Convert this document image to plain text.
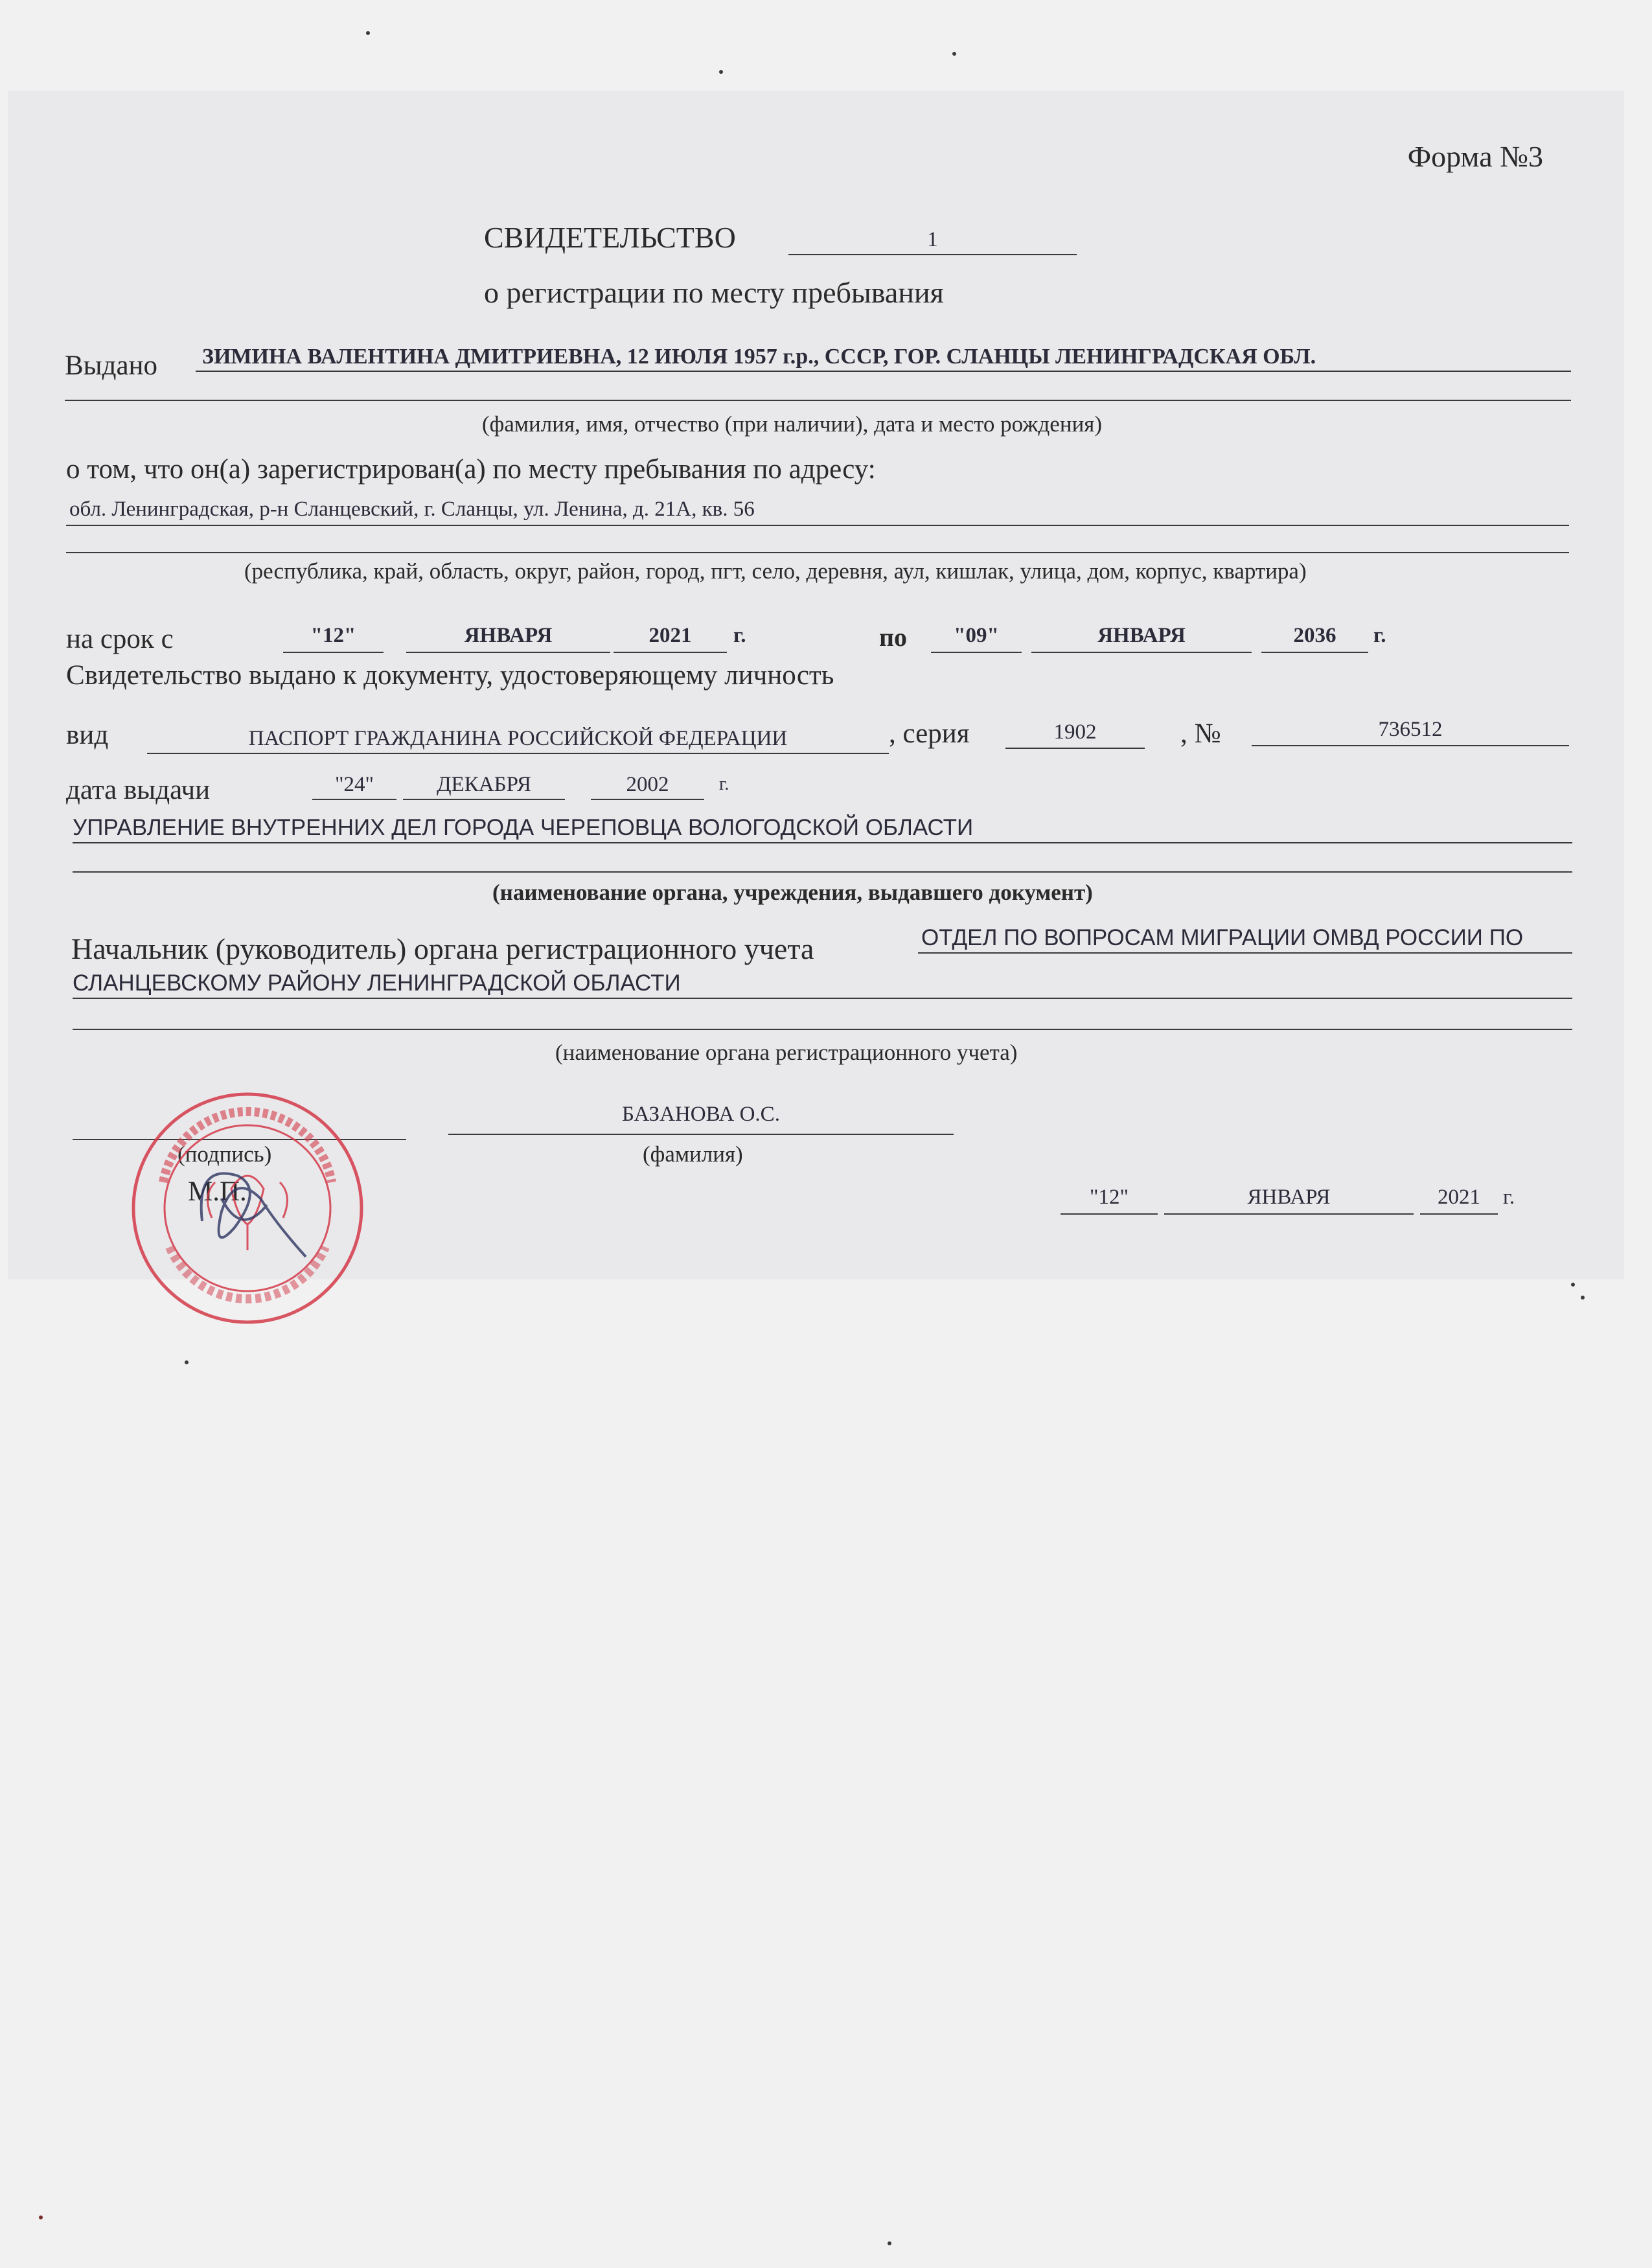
Форма №3
СВИДЕТЕЛЬСТВО	1
о регистрации по месту пребывания
Выдано ЗИМИНА ВАЛЕНТИНА ДМИТРИЕВНА, 12 ИЮЛЯ 1957 г.р., СССР, ГОР. СЛАНЦЫ ЛЕНИНГРАДСКАЯ ОБЛ.
(фамилия, имя, отчество (при наличии), дата и место рождения)
о том, что он(а) зарегистрирован(а) по месту пребывания по адресу:
обл. Ленинградская, р-н Сланцевский, г. Сланцы, ул. Ленина, д. 21А, кв. 56
(республика, край, область, округ, район, город, пгт, село, деревня, аул, кишлак, улица, дом, корпус, квартира)
на срок с	"12"	ЯНВАРЯ	2021	г.	по	"09"	ЯНВАРЯ	2036	г.
Свидетельство выдано к документу, удостоверяющему личность
вид	ПАСПОРТ ГРАЖДАНИНА РОССИЙСКОЙ ФЕДЕРАЦИИ	, серия	1902	, №	736512
дата выдачи	"24"	ДЕКАБРЯ	2002	г.
УПРАВЛЕНИЕ ВНУТРЕННИХ ДЕЛ ГОРОДА ЧЕРЕПОВЦА ВОЛОГОДСКОЙ ОБЛАСТИ
(наименование органа, учреждения, выдавшего документ)
Начальник (руководитель) органа регистрационного учета	ОТДЕЛ ПО ВОПРОСАМ МИГРАЦИИ ОМВД РОССИИ ПО
СЛАНЦЕВСКОМУ РАЙОНУ ЛЕНИНГРАДСКОЙ ОБЛАСТИ
(наименование органа регистрационного учета)
(подпись)
БАЗАНОВА О.С.
(фамилия)
М.П.	"12"	ЯНВАРЯ	2021	г.
